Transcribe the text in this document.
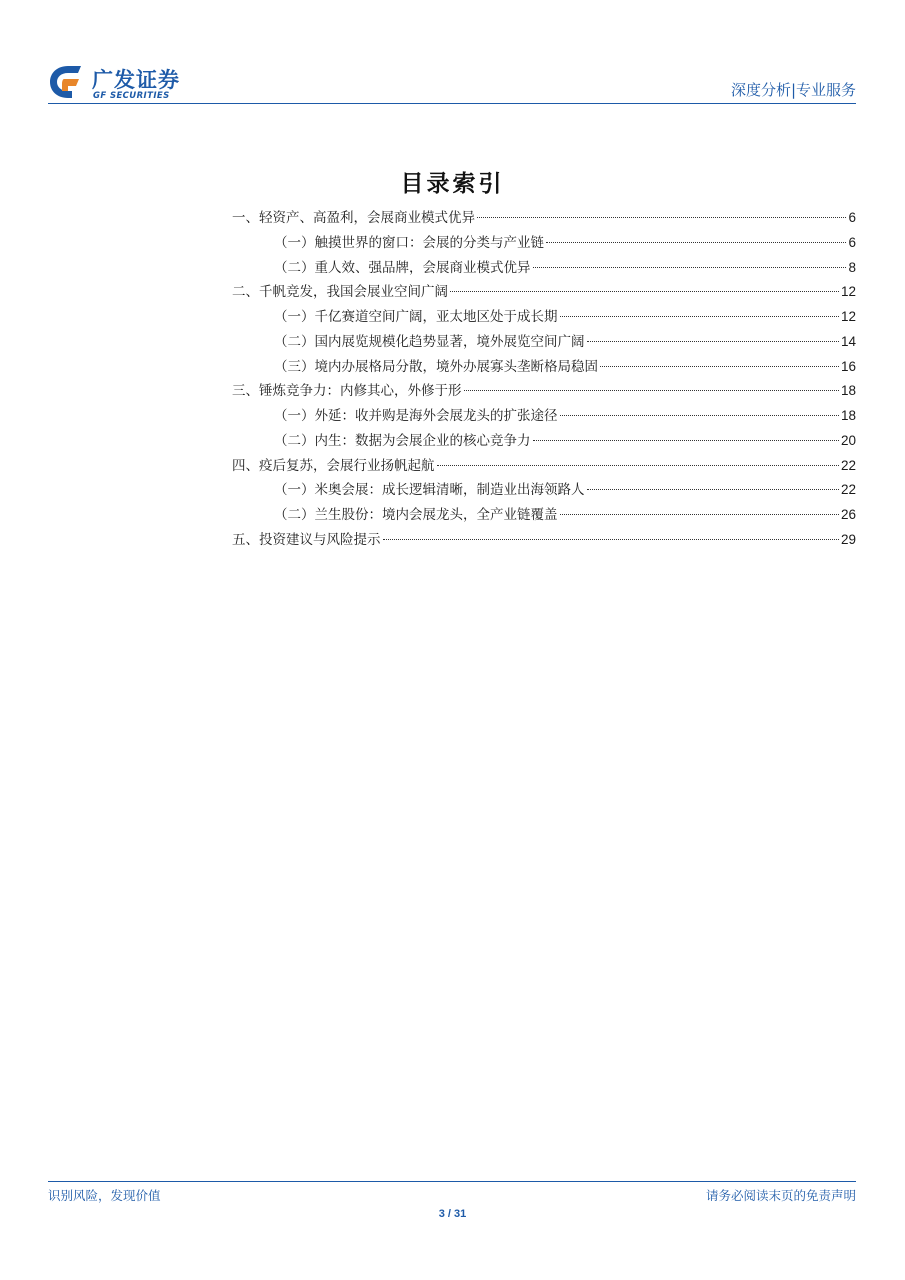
广发证券
GF SECURITIES	深度分析|专业服务
目录索引
一、轻资产、高盈利，会展商业模式优异	6
（一）触摸世界的窗口：会展的分类与产业链	6
（二）重人效、强品牌，会展商业模式优异	8
二、千帆竞发，我国会展业空间广阔	12
（一）千亿赛道空间广阔，亚太地区处于成长期	12
（二）国内展览规模化趋势显著，境外展览空间广阔	14
（三）境内办展格局分散，境外办展寡头垄断格局稳固	16
三、锤炼竞争力：内修其心，外修于形	18
（一）外延：收并购是海外会展龙头的扩张途径	18
（二）内生：数据为会展企业的核心竞争力	20
四、疫后复苏，会展行业扬帆起航	22
（一）米奥会展：成长逻辑清晰，制造业出海领路人	22
（二）兰生股份：境内会展龙头，全产业链覆盖	26
五、投资建议与风险提示	29
识别风险，发现价值	请务必阅读末页的免责声明
3 / 31
